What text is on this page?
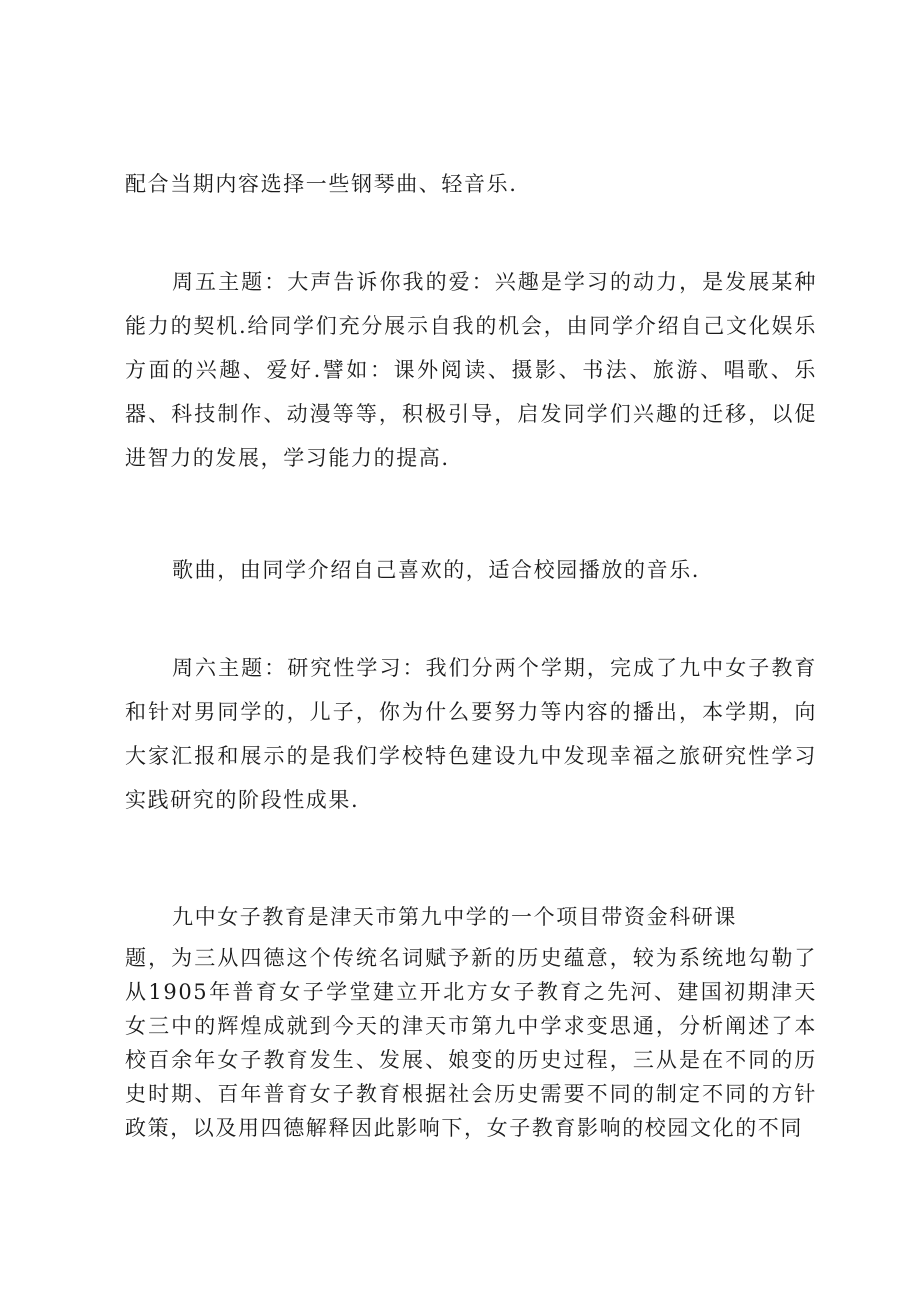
配合当期内容选择一些钢琴曲、轻音乐.

周五主题：大声告诉你我的爱：兴趣是学习的动力，是发展某种能力的契机.给同学们充分展示自我的机会，由同学介绍自己文化娱乐方面的兴趣、爱好.譬如：课外阅读、摄影、书法、旅游、唱歌、乐器、科技制作、动漫等等，积极引导，启发同学们兴趣的迁移，以促进智力的发展，学习能力的提高.

歌曲，由同学介绍自己喜欢的，适合校园播放的音乐.

周六主题：研究性学习：我们分两个学期，完成了九中女子教育和针对男同学的，儿子，你为什么要努力等内容的播出，本学期，向大家汇报和展示的是我们学校特色建设九中发现幸福之旅研究性学习实践研究的阶段性成果.

九中女子教育是津天市第九中学的一个项目带资金科研课

题，为三从四德这个传统名词赋予新的历史蕴意，较为系统地勾勒了从1905年普育女子学堂建立开北方女子教育之先河、建国初期津天女三中的辉煌成就到今天的津天市第九中学求变思通，分析阐述了本校百余年女子教育发生、发展、娘变的历史过程，三从是在不同的历史时期、百年普育女子教育根据社会历史需要不同的制定不同的方针政策，以及用四德解释因此影响下，女子教育影响的校园文化的不同
